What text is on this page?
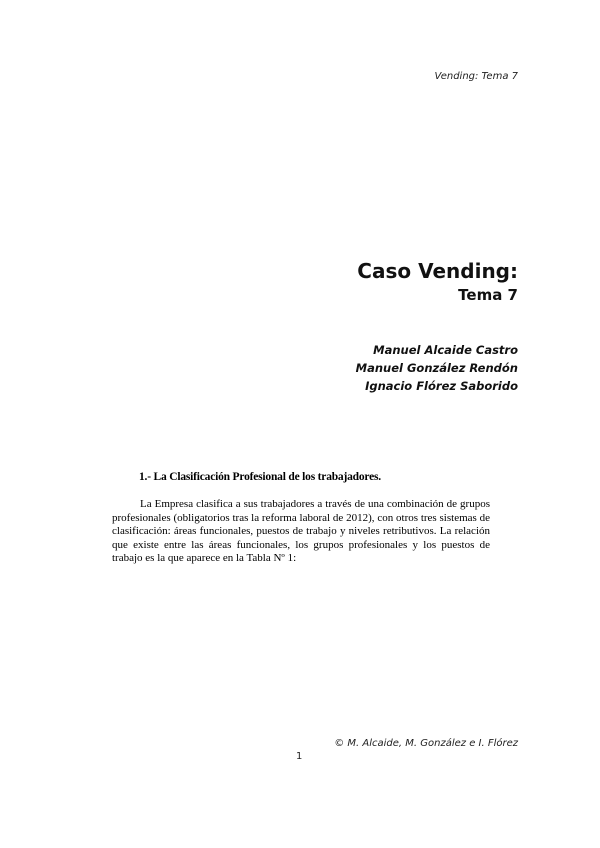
Vending: Tema 7
Caso Vending:
Tema 7
Manuel Alcaide Castro
Manuel González Rendón
Ignacio Flórez Saborido
1.- La Clasificación Profesional de los trabajadores.
La Empresa clasifica a sus trabajadores a través de una combinación de grupos profesionales (obligatorios tras la reforma laboral de 2012), con otros tres sistemas de clasificación: áreas funcionales, puestos de trabajo y niveles retributivos. La relación que existe entre las áreas funcionales, los grupos profesionales y los puestos de trabajo es la que aparece en la Tabla Nº 1:
© M. Alcaide, M. González e I. Flórez
1
